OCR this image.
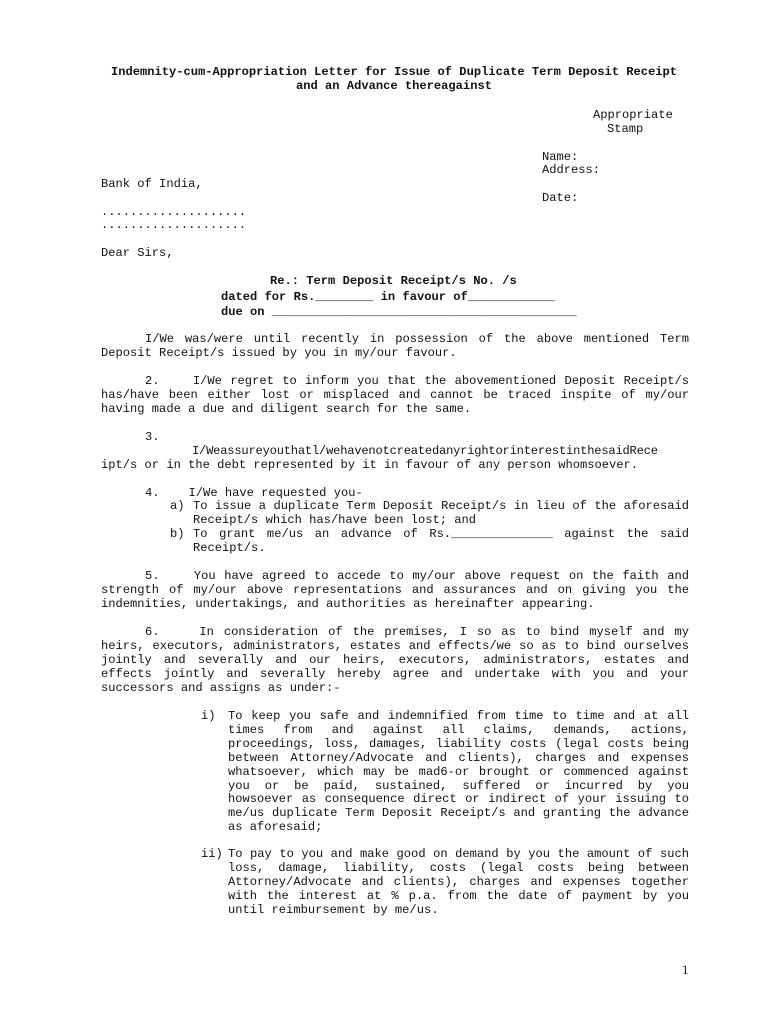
Indemnity-cum-Appropriation Letter for Issue of Duplicate Term Deposit Receipt
and an Advance thereagainst
Appropriate
Stamp
Name:
Address:
Bank of India,
Date:
....................
....................
Dear Sirs,
Re.: Term Deposit Receipt/s No. /s
dated for Rs.________ in favour of____________
due on __________________________________________
I/We was/were until recently in possession of the above mentioned Term Deposit Receipt/s issued by you in my/our favour.
2.    I/We regret to inform you that the abovementioned Deposit Receipt/s has/have been either lost or misplaced and cannot be traced inspite of my/our having made a due and diligent search for the same.
3.
I/Weassureyouthatl/wehavenotcreatedanyrightorinterestinthesaidRece
ipt/s or in the debt represented by it in favour of any person whomsoever.
4.    I/We have requested you-
a) To issue a duplicate Term Deposit Receipt/s in lieu of the aforesaid Receipt/s which has/have been lost; and
b) To grant me/us an advance of Rs.______________ against the said Receipt/s.
5.    You have agreed to accede to my/our above request on the faith and strength of my/our above representations and assurances and on giving you the indemnities, undertakings, and authorities as hereinafter appearing.
6.    In consideration of the premises, I so as to bind myself and my heirs, executors, administrators, estates and effects/we so as to bind ourselves jointly and severally and our heirs, executors, administrators, estates and effects jointly and severally hereby agree and undertake with you and your successors and assigns as under:-
i) To keep you safe and indemnified from time to time and at all times from and against all claims, demands, actions, proceedings, loss, damages, liability costs (legal costs being between Attorney/Advocate and clients), charges and expenses whatsoever, which may be mad6-or brought or commenced against you or be paid, sustained, suffered or incurred by you howsoever as consequence direct or indirect of your issuing to me/us duplicate Term Deposit Receipt/s and granting the advance as aforesaid;
ii) To pay to you and make good on demand by you the amount of such loss, damage, liability, costs (legal costs being between Attorney/Advocate and clients), charges and expenses together with the interest at % p.a. from the date of payment by you until reimbursement by me/us.
1
